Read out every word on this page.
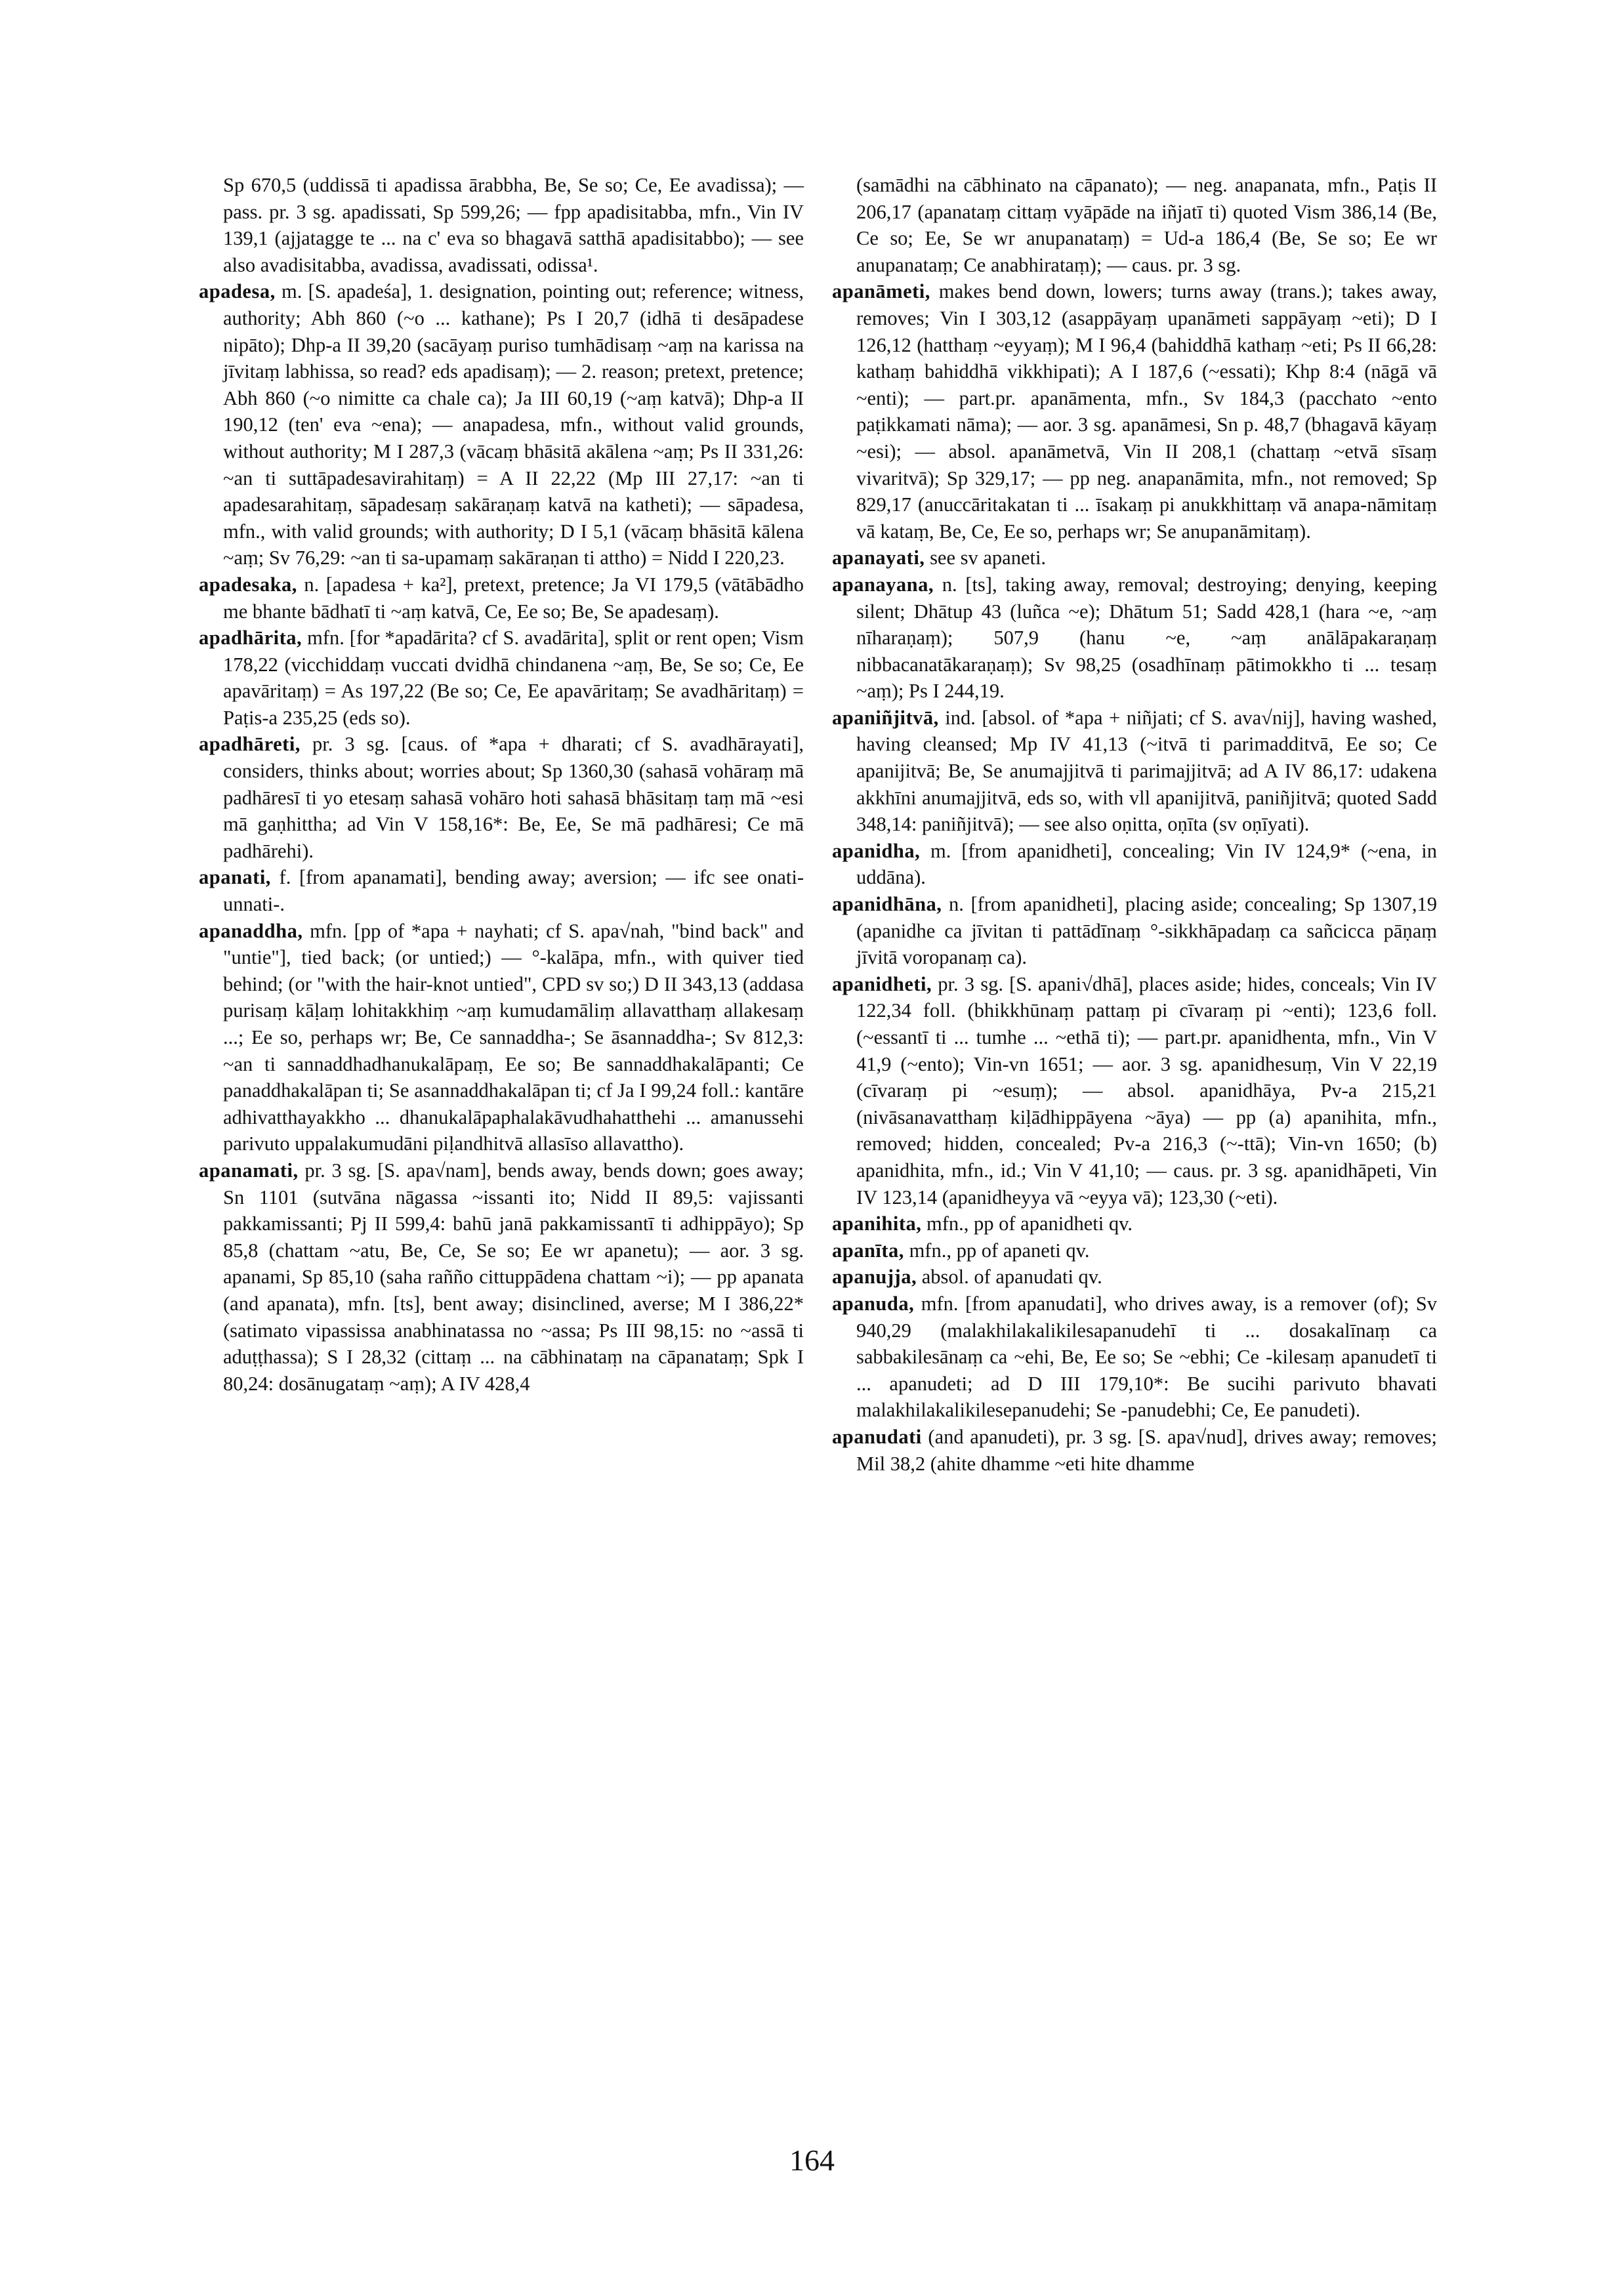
Sp 670,5 (uddissā ti apadissa ārabbha, Be, Se so; Ce, Ee avadissa); — pass. pr. 3 sg. apadissati, Sp 599,26; — fpp apadisitabba, mfn., Vin IV 139,1 (ajjatagge te ... na c' eva so bhagavā satthā apadisitabbo); — see also avadisitabba, avadissa, avadissati, odissa¹.

apadesa, m. [S. apadeśa], 1. designation, pointing out; reference; witness, authority; Abh 860 (~o ... kathane); Ps I 20,7 (idhā ti desāpadese nipāto); Dhp-a II 39,20 (sacāyaṃ puriso tumhādisaṃ ~aṃ na karissa na jīvitaṃ labhissa, so read? eds apadisaṃ); — 2. reason; pretext, pretence; Abh 860 (~o nimitte ca chale ca); Ja III 60,19 (~aṃ katvā); Dhp-a II 190,12 (ten' eva ~ena); — anapadesa, mfn., without valid grounds, without authority; M I 287,3 (vācaṃ bhāsitā akālena ~aṃ; Ps II 331,26: ~an ti suttāpadesavirahitaṃ) = A II 22,22 (Mp III 27,17: ~an ti apadesarahitaṃ, sāpadesaṃ sakāraṇaṃ katvā na katheti); — sāpadesa, mfn., with valid grounds; with authority; D I 5,1 (vācaṃ bhāsitā kālena ~aṃ; Sv 76,29: ~an ti sa-upamaṃ sakāraṇan ti attho) = Nidd I 220,23.

apadesaka, n. [apadesa + ka²], pretext, pretence; Ja VI 179,5 (vātābādho me bhante bādhatī ti ~aṃ katvā, Ce, Ee so; Be, Se apadesaṃ).

apadhārita, mfn. [for *apadārita? cf S. avadārita], split or rent open; Vism 178,22 (vicchiddaṃ vuccati dvidhā chindanena ~aṃ, Be, Se so; Ce, Ee apavāritaṃ) = As 197,22 (Be so; Ce, Ee apavāritaṃ; Se avadhāritaṃ) = Paṭis-a 235,25 (eds so).

apadhāreti, pr. 3 sg. [caus. of *apa + dharati; cf S. avadhārayati], considers, thinks about; worries about; Sp 1360,30 (sahasā vohāraṃ mā padhāresī ti yo etesaṃ sahasā vohāro hoti sahasā bhāsitaṃ taṃ mā ~esi mā gaṇhittha; ad Vin V 158,16*: Be, Ee, Se mā padhāresi; Ce mā padhārehi).

apanati, f. [from apanamati], bending away; aversion; — ifc see onati-unnati-.

apanaddha, mfn. [pp of *apa + nayhati; cf S. apa√nah, "bind back" and "untie"], tied back; (or untied;) — °-kalāpa, mfn., with quiver tied behind; (or "with the hair-knot untied", CPD sv so;) D II 343,13 (addasa purisaṃ kāḷaṃ lohitakkhiṃ ~aṃ kumudamāliṃ allavatthaṃ allakesaṃ ...; Ee so, perhaps wr; Be, Ce sannaddha-; Se āsannaddha-; Sv 812,3: ~an ti sannaddhadhanukalāpaṃ, Ee so; Be sannaddhakalāpanti; Ce panaddhakalāpan ti; Se asannaddhakalāpan ti; cf Ja I 99,24 foll.: kantāre adhivatthayakkho ... dhanukalāpaphalakāvudhahatthehi ... amanussehi parivuto uppalakumudāni piḷandhitvā allasīso allavattho).

apanamati, pr. 3 sg. [S. apa√nam], bends away, bends down; goes away; Sn 1101 (sutvāna nāgassa ~issanti ito; Nidd II 89,5: vajissanti pakkamissanti; Pj II 599,4: bahū janā pakkamissantī ti adhippāyo); Sp 85,8 (chattam ~atu, Be, Ce, Se so; Ee wr apanetu); — aor. 3 sg. apanami, Sp 85,10 (saha rañño cittuppādena chattam ~i); — pp apanata (and apanata), mfn. [ts], bent away; disinclined, averse; M I 386,22* (satimato vipassissa anabhinatassa no ~assa; Ps III 98,15: no ~assā ti aduṭṭhassa); S I 28,32 (cittaṃ ... na cābhinataṃ na cāpanataṃ; Spk I 80,24: dosānugataṃ ~aṃ); A IV 428,4

(samādhi na cābhinato na cāpanato); — neg. anapanata, mfn., Paṭis II 206,17 (apanataṃ cittaṃ vyāpāde na iñjatī ti) quoted Vism 386,14 (Be, Ce so; Ee, Se wr anupanataṃ) = Ud-a 186,4 (Be, Se so; Ee wr anupanataṃ; Ce anabhirataṃ); — caus. pr. 3 sg.

apanāmeti, makes bend down, lowers; turns away (trans.); takes away, removes; Vin I 303,12 (asappāyaṃ upanāmeti sappāyaṃ ~eti); D I 126,12 (hatthaṃ ~eyyaṃ); M I 96,4 (bahiddhā kathaṃ ~eti; Ps II 66,28: kathaṃ bahiddhā vikkhipati); A I 187,6 (~essati); Khp 8:4 (nāgā vā ~enti); — part.pr. apanāmenta, mfn., Sv 184,3 (pacchato ~ento paṭikkamati nāma); — aor. 3 sg. apanāmesi, Sn p. 48,7 (bhagavā kāyaṃ ~esi); — absol. apanāmetvā, Vin II 208,1 (chattaṃ ~etvā sīsaṃ vivaritvā); Sp 329,17; — pp neg. anapanāmita, mfn., not removed; Sp 829,17 (anuccāritakatan ti ... īsakaṃ pi anukkhittaṃ vā anapa-nāmitaṃ vā kataṃ, Be, Ce, Ee so, perhaps wr; Se anupanāmitaṃ).

apanayati, see sv apaneti.

apanayana, n. [ts], taking away, removal; destroying; denying, keeping silent; Dhātup 43 (luñca ~e); Dhātum 51; Sadd 428,1 (hara ~e, ~aṃ nīharaṇaṃ); 507,9 (hanu ~e, ~aṃ anālāpakaraṇaṃ nibbacanatākaraṇaṃ); Sv 98,25 (osadhīnaṃ pātimokkho ti ... tesaṃ ~aṃ); Ps I 244,19.

apaniñjitvā, ind. [absol. of *apa + niñjati; cf S. ava√nij], having washed, having cleansed; Mp IV 41,13 (~itvā ti parimadditvā, Ee so; Ce apanijitvā; Be, Se anumajjitvā ti parimajjitvā; ad A IV 86,17: udakena akkhīni anumajjitvā, eds so, with vll apanijitvā, paniñjitvā; quoted Sadd 348,14: paniñjitvā); — see also oṇitta, oṇīta (sv oṇīyati).

apanidha, m. [from apanidheti], concealing; Vin IV 124,9* (~ena, in uddāna).

apanidhāna, n. [from apanidheti], placing aside; concealing; Sp 1307,19 (apanidhe ca jīvitan ti pattādīnaṃ °-sikkhāpadaṃ ca sañcicca pāṇaṃ jīvitā voropanaṃ ca).

apanidheti, pr. 3 sg. [S. apani√dhā], places aside; hides, conceals; Vin IV 122,34 foll. (bhikkhūnaṃ pattaṃ pi cīvaraṃ pi ~enti); 123,6 foll. (~essantī ti ... tumhe ... ~ethā ti); — part.pr. apanidhenta, mfn., Vin V 41,9 (~ento); Vin-vn 1651; — aor. 3 sg. apanidhesuṃ, Vin V 22,19 (cīvaraṃ pi ~esuṃ); — absol. apanidhāya, Pv-a 215,21 (nivāsanavatthaṃ kiḷādhippāyena ~āya) — pp (a) apanihita, mfn., removed; hidden, concealed; Pv-a 216,3 (~-ttā); Vin-vn 1650; (b) apanidhita, mfn., id.; Vin V 41,10; — caus. pr. 3 sg. apanidhāpeti, Vin IV 123,14 (apanidheyya vā ~eyya vā); 123,30 (~eti).

apanihita, mfn., pp of apanidheti qv.

apanīta, mfn., pp of apaneti qv.

apanujja, absol. of apanudati qv.

apanuda, mfn. [from apanudati], who drives away, is a remover (of); Sv 940,29 (malakhilakalikilesapanudehī ti ... dosakalīnaṃ ca sabbakilesānaṃ ca ~ehi, Be, Ee so; Se ~ebhi; Ce -kilesaṃ apanudetī ti ... apanudeti; ad D III 179,10*: Be sucihi parivuto bhavati malakhilakalikilesepanudehi; Se -panudebhi; Ce, Ee panudeti).

apanudati (and apanudeti), pr. 3 sg. [S. apa√nud], drives away; removes; Mil 38,2 (ahite dhamme ~eti hite dhamme

164
